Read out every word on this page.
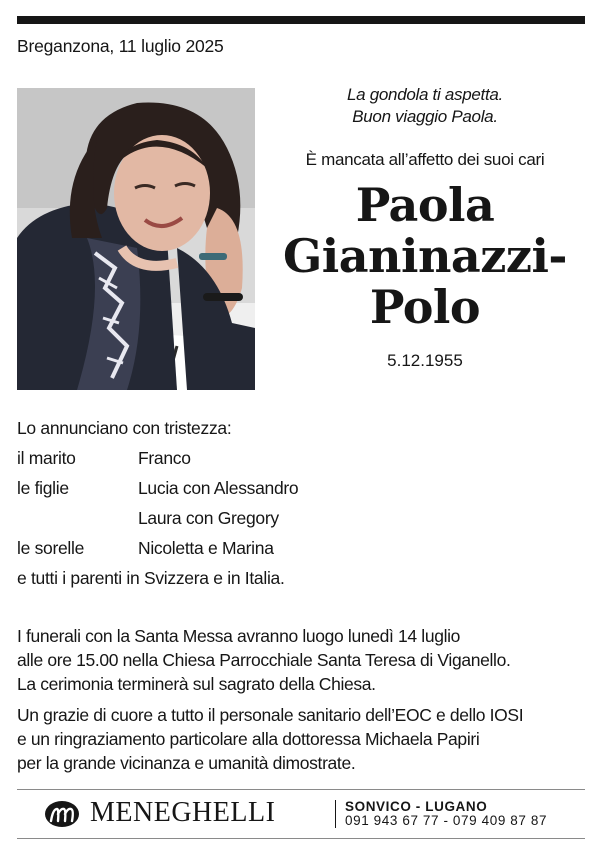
Breganzona, 11 luglio 2025
La gondola ti aspetta.
Buon viaggio Paola.
È mancata all’affetto dei suoi cari
Paola
Gianinazzi-
Polo
5.12.1955
Lo annunciano con tristezza:
il marito	Franco
le figlie	Lucia con Alessandro
Laura con Gregory
le sorelle	Nicoletta e Marina
e tutti i parenti in Svizzera e in Italia.
I funerali con la Santa Messa avranno luogo lunedì 14 luglio
alle ore 15.00 nella Chiesa Parrocchiale Santa Teresa di Viganello.
La cerimonia terminerà sul sagrato della Chiesa.
Un grazie di cuore a tutto il personale sanitario dell’EOC e dello IOSI
e un ringraziamento particolare alla dottoressa Michaela Papiri
per la grande vicinanza e umanità dimostrate.
MENEGHELLI	SONVICO - LUGANO
091 943 67 77 - 079 409 87 87
